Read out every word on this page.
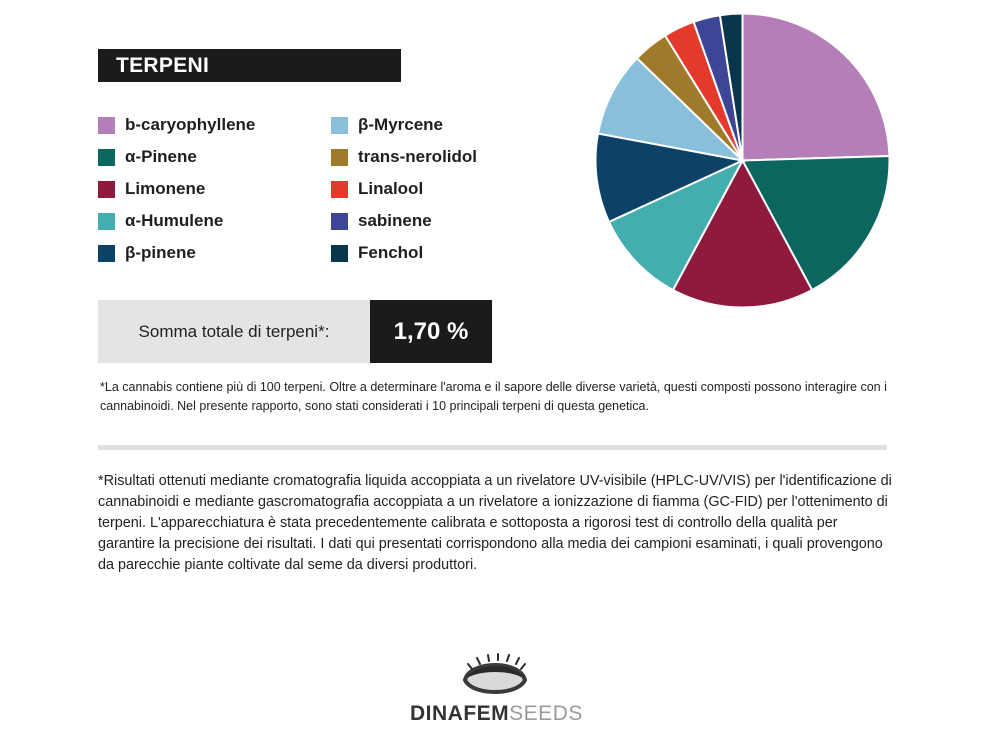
TERPENI
b-caryophyllene
α-Pinene
Limonene
α-Humulene
β-pinene
β-Myrcene
trans-nerolidol
Linalool
sabinene
Fenchol
Somma totale di terpeni*:	1,70 %
*La cannabis contiene più di 100 terpeni. Oltre a determinare l'aroma e il sapore delle diverse varietà, questi composti possono interagire con i cannabinoidi. Nel presente rapporto, sono stati considerati i 10 principali terpeni di questa genetica.
*Risultati ottenuti mediante cromatografia liquida accoppiata a un rivelatore UV-visibile (HPLC-UV/VIS) per l'identificazione di cannabinoidi e mediante gascromatografia accoppiata a un rivelatore a ionizzazione di fiamma (GC-FID) per l'ottenimento di terpeni. L'apparecchiatura è stata precedentemente calibrata e sottoposta a rigorosi test di controllo della qualità per garantire la precisione dei risultati. I dati qui presentati corrispondono alla media dei campioni esaminati, i quali provengono da parecchie piante coltivate dal seme da diversi produttori.
DINAFEMSEEDS
